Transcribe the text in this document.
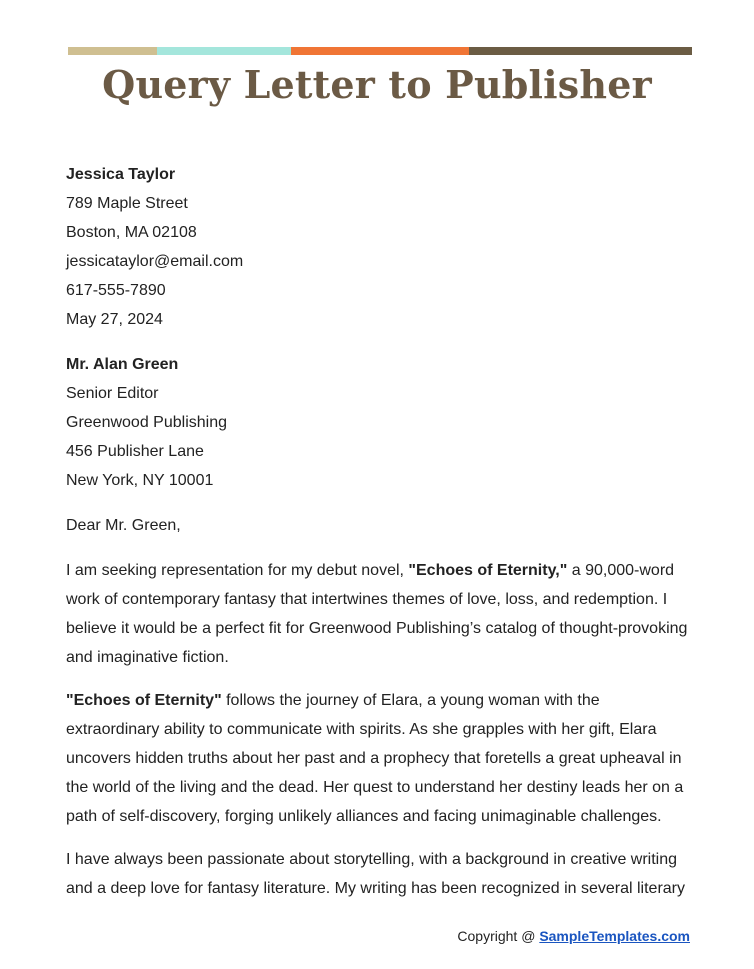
Query Letter to Publisher
Jessica Taylor
789 Maple Street
Boston, MA 02108
jessicataylor@email.com
617-555-7890
May 27, 2024
Mr. Alan Green
Senior Editor
Greenwood Publishing
456 Publisher Lane
New York, NY 10001

Dear Mr. Green,

I am seeking representation for my debut novel, "Echoes of Eternity," a 90,000-word work of contemporary fantasy that intertwines themes of love, loss, and redemption. I believe it would be a perfect fit for Greenwood Publishing’s catalog of thought-provoking and imaginative fiction.

"Echoes of Eternity" follows the journey of Elara, a young woman with the extraordinary ability to communicate with spirits. As she grapples with her gift, Elara uncovers hidden truths about her past and a prophecy that foretells a great upheaval in the world of the living and the dead. Her quest to understand her destiny leads her on a path of self-discovery, forging unlikely alliances and facing unimaginable challenges.

I have always been passionate about storytelling, with a background in creative writing and a deep love for fantasy literature. My writing has been recognized in several literary

Copyright @ SampleTemplates.com
